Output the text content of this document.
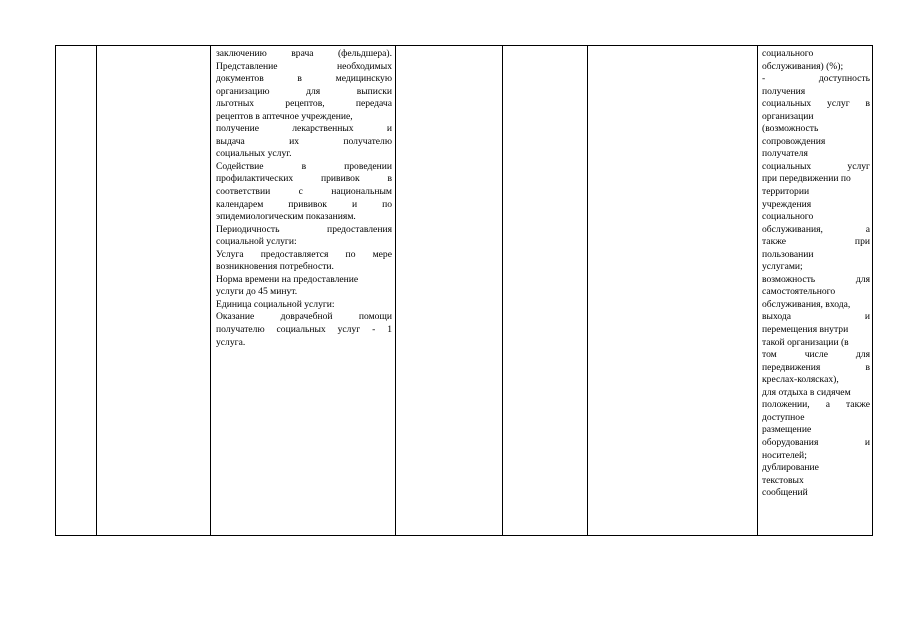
заключению врача (фельдшера).
Представление необходимых
документов в медицинскую
организацию для выписки
льготных рецептов, передача
рецептов в аптечное учреждение,
получение лекарственных и
выдача их получателю
социальных услуг.
Содействие в проведении
профилактических прививок в
соответствии с национальным
календарем прививок и по
эпидемиологическим показаниям.
Периодичность предоставления
социальной услуги:
Услуга предоставляется по мере
возникновения потребности.
Норма времени на предоставление
услуги до 45 минут.
Единица социальной услуги:
Оказание доврачебной помощи
получателю социальных услуг - 1
услуга.
социального
обслуживания) (%);
- доступность
получения
социальных услуг в
организации
(возможность
сопровождения
получателя
социальных услуг
при передвижении по
территории
учреждения
социального
обслуживания, а
также при
пользовании
услугами;
возможность для
самостоятельного
обслуживания, входа,
выхода и
перемещения внутри
такой организации (в
том числе для
передвижения в
креслах-колясках),
для отдыха в сидячем
положении, а также
доступное
размещение
оборудования и
носителей;
дублирование
текстовых
сообщений
